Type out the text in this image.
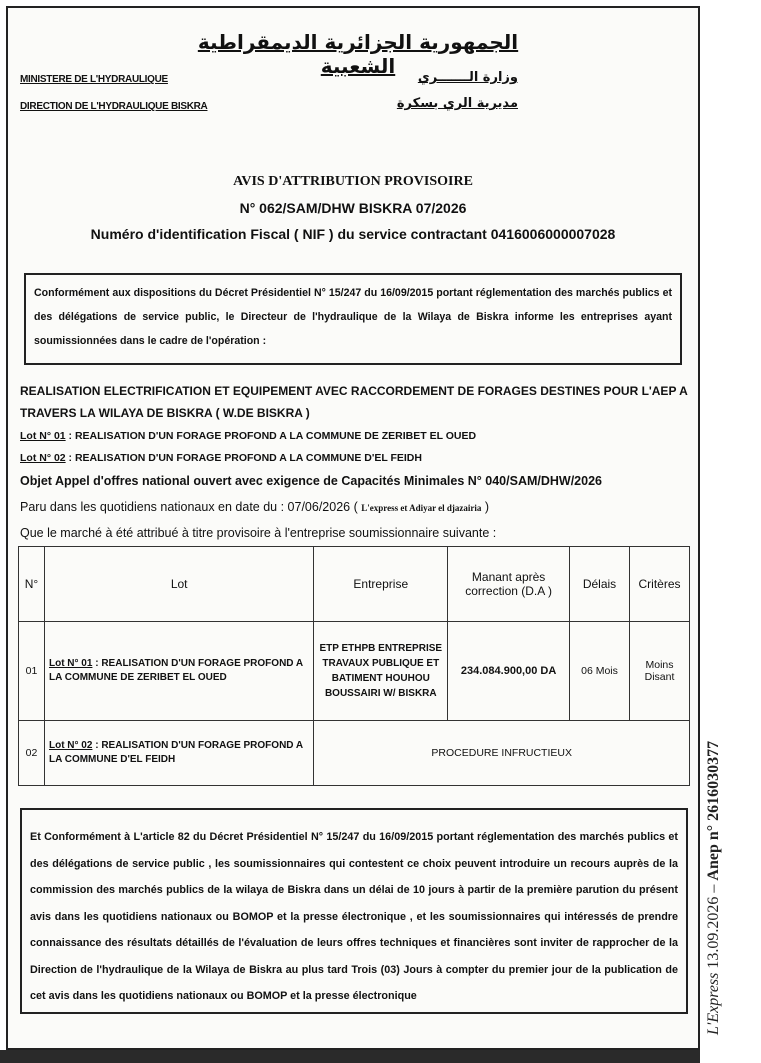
الجمهورية الجزائرية الديمقراطية الشعبية
MINISTERE DE L'HYDRAULIQUE
DIRECTION DE L'HYDRAULIQUE BISKRA
وزارة الـــــــري
مديرية الري بسكرة
AVIS D'ATTRIBUTION PROVISOIRE
N° 062/SAM/DHW BISKRA 07/2026
Numéro d'identification Fiscal ( NIF ) du service contractant 0416006000007028
Conformément aux dispositions du Décret Présidentiel N° 15/247 du 16/09/2015 portant réglementation des marchés publics et des délégations de service public, le Directeur de l'hydraulique de la Wilaya de Biskra informe les entreprises ayant soumissionnées dans le cadre de l'opération :
REALISATION ELECTRIFICATION ET EQUIPEMENT AVEC RACCORDEMENT DE FORAGES DESTINES POUR L'AEP A TRAVERS LA WILAYA DE BISKRA ( W.DE BISKRA )
Lot N° 01 : REALISATION D'UN FORAGE PROFOND A LA COMMUNE DE ZERIBET EL OUED
Lot N° 02 : REALISATION D'UN FORAGE PROFOND A LA COMMUNE D'EL FEIDH
Objet Appel d'offres national ouvert avec exigence de Capacités Minimales N° 040/SAM/DHW/2026
Paru dans les quotidiens nationaux en date du : 07/06/2026 ( L'express et Adiyar el djazairia )
Que le marché à été attribué à titre provisoire à l'entreprise soumissionnaire suivante :
N°	Lot	Entreprise	Manant après correction (D.A )	Délais	Critères
01	Lot N° 01 : REALISATION D'UN FORAGE PROFOND A LA COMMUNE DE ZERIBET EL OUED	ETP ETHPB ENTREPRISE TRAVAUX PUBLIQUE ET BATIMENT HOUHOU BOUSSAIRI W/ BISKRA	234.084.900,00 DA	06 Mois	Moins Disant
02	Lot N° 02 : REALISATION D'UN FORAGE PROFOND A LA COMMUNE D'EL FEIDH	PROCEDURE INFRUCTIEUX			
Et Conformément à L'article 82 du Décret Présidentiel N° 15/247 du 16/09/2015 portant réglementation des marchés publics et des délégations de service public , les soumissionnaires qui contestent ce choix peuvent introduire un recours auprès de la commission des marchés publics de la wilaya de Biskra dans un délai de 10 jours à partir de la première parution du présent avis dans les quotidiens nationaux ou BOMOP et la presse électronique , et les soumissionnaires qui intéressés de prendre connaissance des résultats détaillés de l'évaluation de leurs offres techniques et financières sont inviter de rapprocher de la Direction de l'hydraulique de la Wilaya de Biskra au plus tard Trois (03) Jours à compter du premier jour de la publication de cet avis dans les quotidiens nationaux ou BOMOP et la presse électronique	L'Express 13.09.2026 – Anep n° 2616030377
